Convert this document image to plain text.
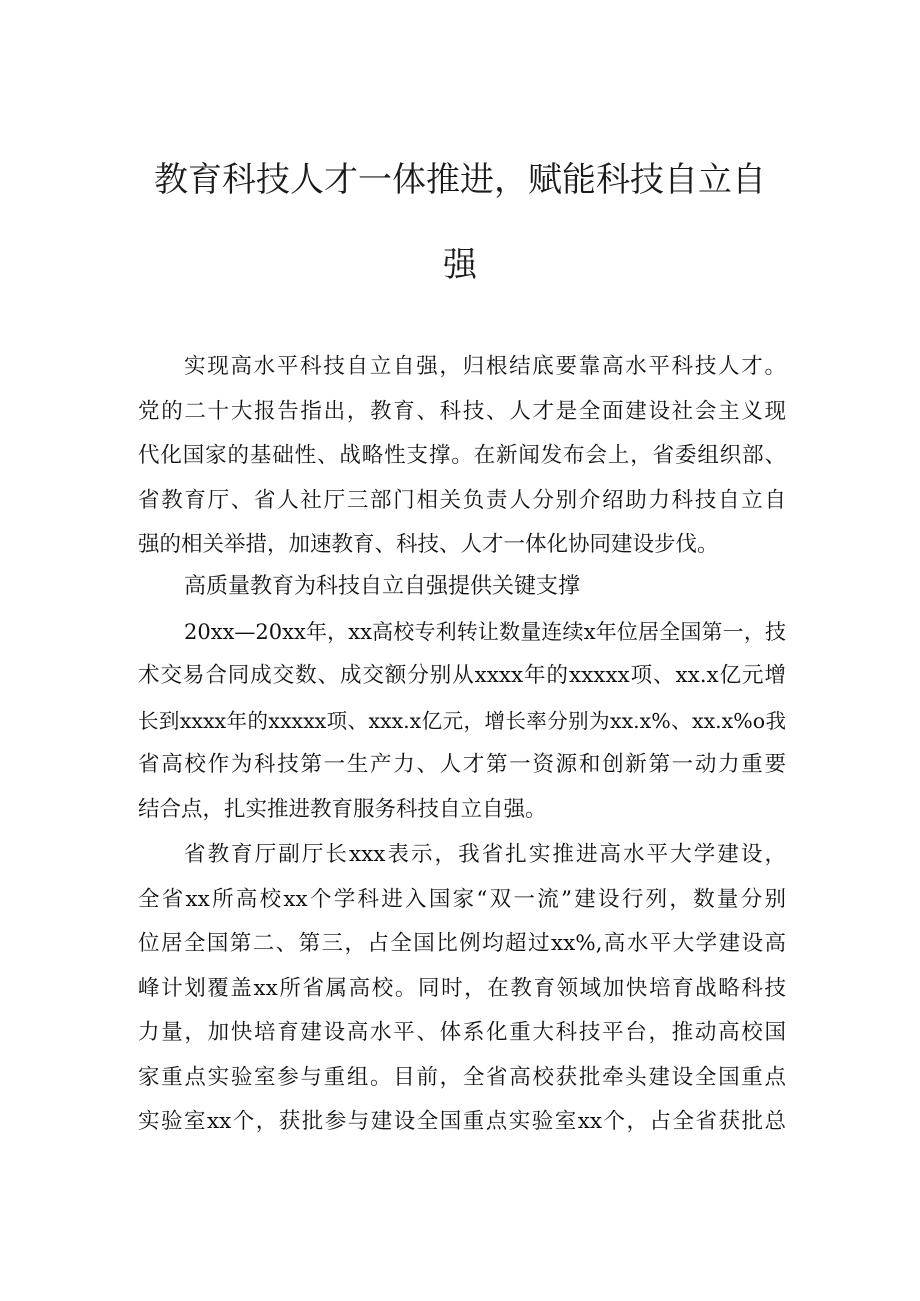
教育科技人才一体推进，赋能科技自立自
强
实现高水平科技自立自强，归根结底要靠高水平科技人才。
党的二十大报告指出，教育、科技、人才是全面建设社会主义现
代化国家的基础性、战略性支撑。在新闻发布会上，省委组织部、
省教育厅、省人社厅三部门相关负责人分别介绍助力科技自立自
强的相关举措，加速教育、科技、人才一体化协同建设步伐。
高质量教育为科技自立自强提供关键支撑
20xx—20xx年，xx高校专利转让数量连续x年位居全国第一，技
术交易合同成交数、成交额分别从xxxx年的xxxxx项、xx.x亿元增
长到xxxx年的xxxxx项、xxx.x亿元，增长率分别为xx.x%、xx.x%o我
省高校作为科技第一生产力、人才第一资源和创新第一动力重要
结合点，扎实推进教育服务科技自立自强。
省教育厅副厅长xxx表示，我省扎实推进高水平大学建设，
全省xx所高校xx个学科进入国家“双一流”建设行列，数量分别
位居全国第二、第三，占全国比例均超过xx%,高水平大学建设高
峰计划覆盖xx所省属高校。同时，在教育领域加快培育战略科技
力量，加快培育建设高水平、体系化重大科技平台，推动高校国
家重点实验室参与重组。目前，全省高校获批牵头建设全国重点
实验室xx个，获批参与建设全国重点实验室xx个，占全省获批总
